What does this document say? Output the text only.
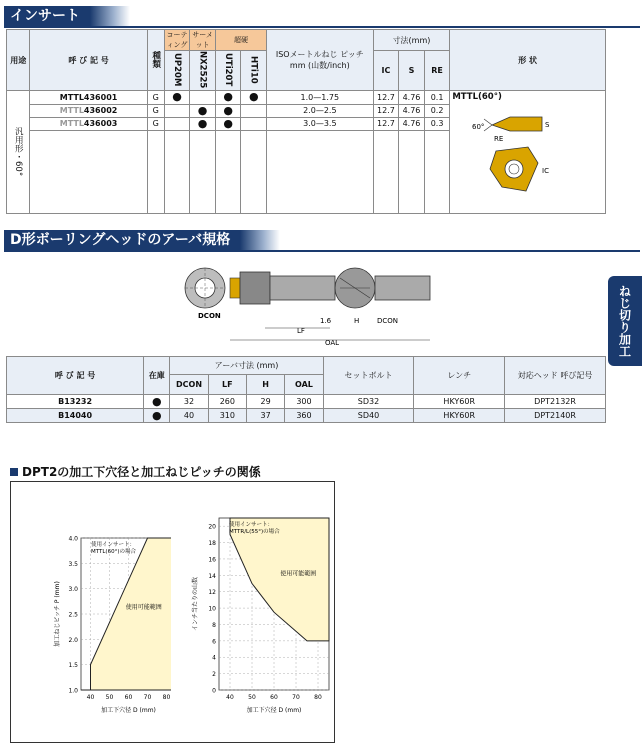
インサート
用途	呼 び 記 号	種類	コーティング	サーメット	超硬		ISOメートルねじ ピッチ mm (山数/inch)	寸法(mm)			形 状
			UP20M	NX2525	UTi20T	HTi10		IC	S	RE	
汎用形・60°	MTTL436001	G	●		●	●	1.0—1.75	12.7	4.76	0.1	MTTL(60°)
60°
RE
S
IC

	MTTL436002	G		●	●		2.0—2.5	12.7	4.76	0.2	
	MTTL436003	G		●	●		3.0—3.5	12.7	4.76	0.3	

D形ボーリングヘッドのアーバ規格
DCON
1.6	H	DCON
LF
OAL	ねじ切り加工
呼 び 記 号	在庫	アーバ寸法 (mm)				セットボルト	レンチ	対応ヘッド 呼び記号
		DCON	LF	H	OAL			
B13232	●	32	260	29	300	SD32	HKY60R	DPT2132R
B14040	●	40	310	37	360	SD40	HKY60R	DPT2140R
DPT2の加工下穴径と加工ねじピッチの関係
1.0
1.5
2.0
2.5
3.0
3.5
4.0
40 50 60 70 80
加工下穴径 D (mm)
加工ねじピッチ P (mm)
使用インサート：
MTTL(60°)の場合
使用可能範囲
0
2
4
6
8
10
12
14
16
18
20
40 50 60 70 80
加工下穴径 D (mm)
インチ当たりの山数
使用インサート：
MTTR/L(55°)の場合
使用可能範囲
